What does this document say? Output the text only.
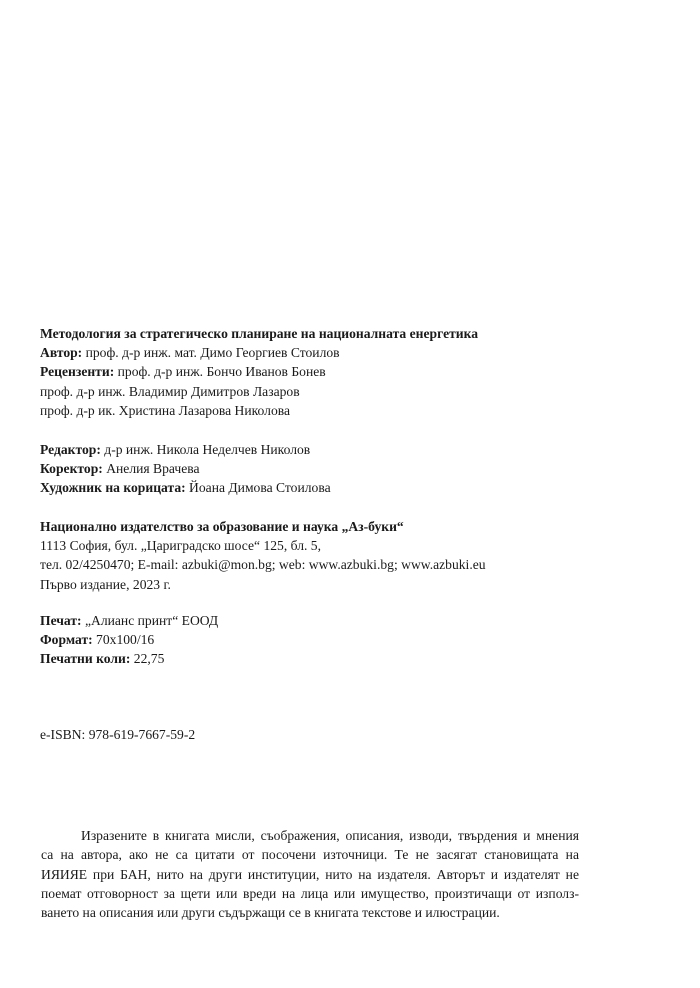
Методология за стратегическо планиране на националната енергетика
Автор: проф. д-р инж. мат. Димо Георгиев Стоилов
Рецензенти: проф. д-р инж. Бончо Иванов Бонев
проф. д-р инж. Владимир Димитров Лазаров
проф. д-р ик. Христина Лазарова Николова
Редактор: д-р инж. Никола Неделчев Николов
Коректор: Анелия Врачева
Художник на корицата: Йоана Димова Стоилова
Национално издателство за образование и наука „Аз-буки“
1113 София, бул. „Цариградско шосе“ 125, бл. 5,
тел. 02/4250470; E-mail: azbuki@mon.bg; web: www.azbuki.bg; www.azbuki.eu
Първо издание, 2023 г.
Печат: „Алианс принт“ ЕООД
Формат: 70x100/16
Печатни коли: 22,75
e-ISBN: 978-619-7667-59-2
Изразените в книгата мисли, съображения, описания, изводи, твърдения и мнения
са на автора, ако не са цитати от посочени източници. Те не засягат становищата на
ИЯИЯЕ при БАН, нито на други институции, нито на издателя. Авторът и издателят не
поемат отговорност за щети или вреди на лица или имущество, произтичащи от използ-
ването на описания или други съдържащи се в книгата текстове и илюстрации.
